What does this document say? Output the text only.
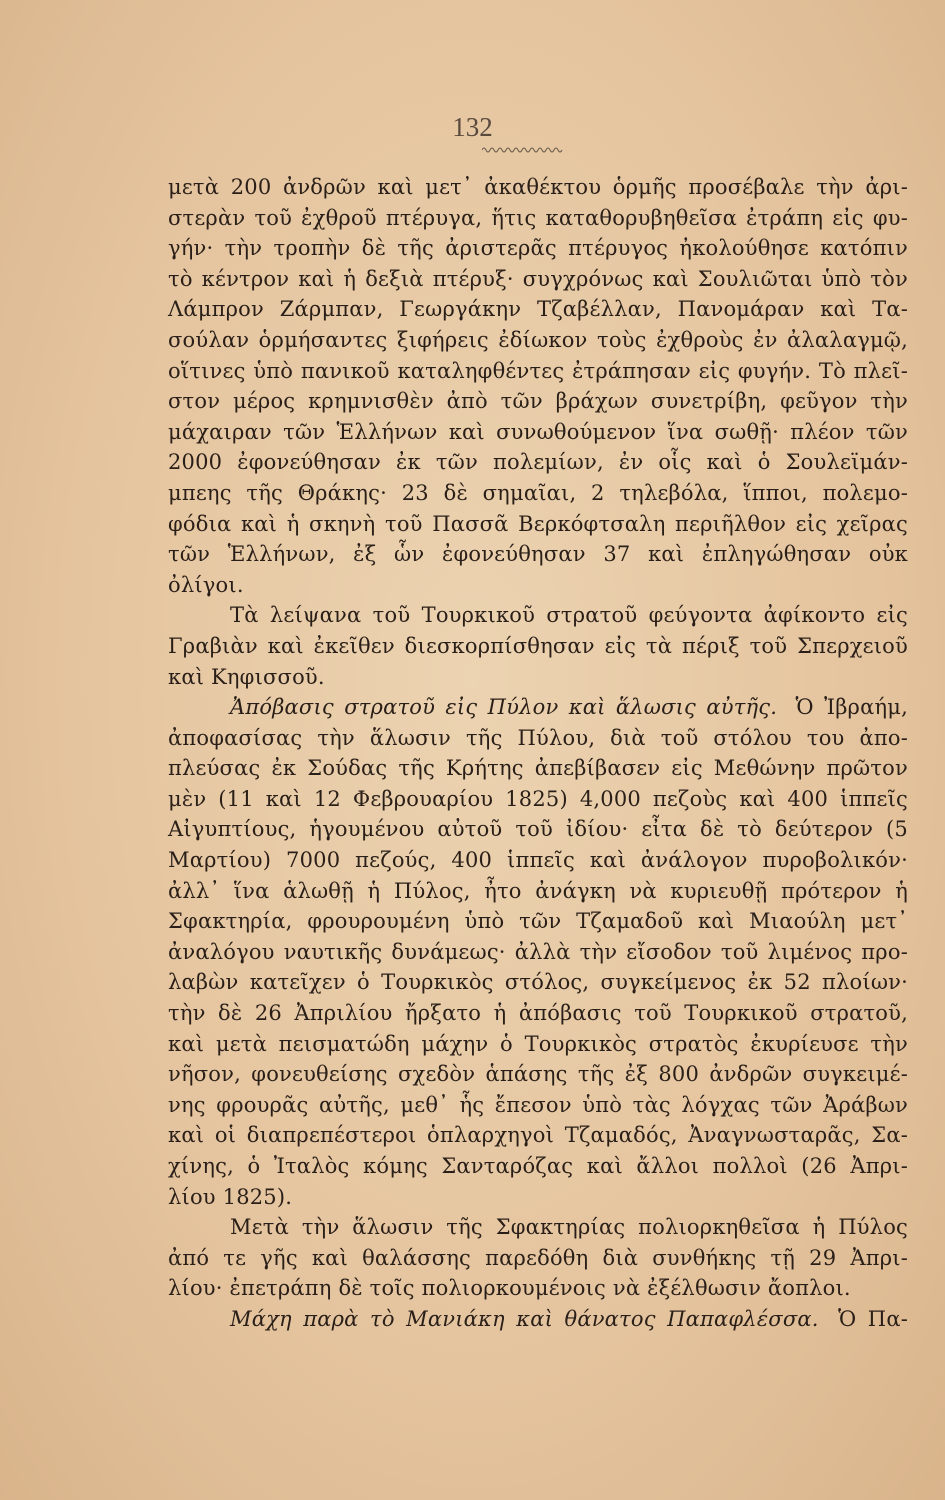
132
μετὰ 200 ἀνδρῶν καὶ μετ᾽ ἀκαθέκτου ὁρμῆς προσέβαλε τὴν ἀρι-
στερὰν τοῦ ἐχθροῦ πτέρυγα, ἥτις καταθορυβηθεῖσα ἐτράπη εἰς φυ-
γήν· τὴν τροπὴν δὲ τῆς ἀριστερᾶς πτέρυγος ἠκολούθησε κατόπιν
τὸ κέντρον καὶ ἡ δεξιὰ πτέρυξ· συγχρόνως καὶ Σουλιῶται ὑπὸ τὸν
Λάμπρον Ζάρμπαν, Γεωργάκην Τζαβέλλαν, Πανομάραν καὶ Τα-
σούλαν ὁρμήσαντες ξιφήρεις ἐδίωκον τοὺς ἐχθροὺς ἐν ἀλαλαγμῷ,
οἵτινες ὑπὸ πανικοῦ καταληφθέντες ἐτράπησαν εἰς φυγήν. Τὸ πλεῖ-
στον μέρος κρημνισθὲν ἀπὸ τῶν βράχων συνετρίβη, φεῦγον τὴν
μάχαιραν τῶν Ἑλλήνων καὶ συνωθούμενον ἵνα σωθῇ· πλέον τῶν
2000 ἐφονεύθησαν ἐκ τῶν πολεμίων, ἐν οἷς καὶ ὁ Σουλεϊμάν-
μπεης τῆς Θράκης· 23 δὲ σημαῖαι, 2 τηλεβόλα, ἵπποι, πολεμο-
φόδια καὶ ἡ σκηνὴ τοῦ Πασσᾶ Βερκόφτσαλη περιῆλθον εἰς χεῖρας
τῶν Ἑλλήνων, ἐξ ὧν ἐφονεύθησαν 37 καὶ ἐπληγώθησαν οὐκ
ὀλίγοι.
Τὰ λείψανα τοῦ Τουρκικοῦ στρατοῦ φεύγοντα ἀφίκοντο εἰς
Γραβιὰν καὶ ἐκεῖθεν διεσκορπίσθησαν εἰς τὰ πέριξ τοῦ Σπερχειοῦ
καὶ Κηφισσοῦ.
Ἀπόβασις στρατοῦ εἰς Πύλον καὶ ἅλωσις αὐτῆς. Ὁ Ἰβραήμ,
ἀποφασίσας τὴν ἅλωσιν τῆς Πύλου, διὰ τοῦ στόλου του ἀπο-
πλεύσας ἐκ Σούδας τῆς Κρήτης ἀπεβίβασεν εἰς Μεθώνην πρῶτον
μὲν (11 καὶ 12 Φεβρουαρίου 1825) 4,000 πεζοὺς καὶ 400 ἱππεῖς
Αἰγυπτίους, ἡγουμένου αὐτοῦ τοῦ ἰδίου· εἶτα δὲ τὸ δεύτερον (5
Μαρτίου) 7000 πεζούς, 400 ἱππεῖς καὶ ἀνάλογον πυροβολικόν·
ἀλλ᾽ ἵνα ἁλωθῇ ἡ Πύλος, ἦτο ἀνάγκη νὰ κυριευθῇ πρότερον ἡ
Σφακτηρία, φρουρουμένη ὑπὸ τῶν Τζαμαδοῦ καὶ Μιαούλη μετ᾽
ἀναλόγου ναυτικῆς δυνάμεως· ἀλλὰ τὴν εἴσοδον τοῦ λιμένος προ-
λαβὼν κατεῖχεν ὁ Τουρκικὸς στόλος, συγκείμενος ἐκ 52 πλοίων·
τὴν δὲ 26 Ἀπριλίου ἤρξατο ἡ ἀπόβασις τοῦ Τουρκικοῦ στρατοῦ,
καὶ μετὰ πεισματώδη μάχην ὁ Τουρκικὸς στρατὸς ἐκυρίευσε τὴν
νῆσον, φονευθείσης σχεδὸν ἁπάσης τῆς ἐξ 800 ἀνδρῶν συγκειμέ-
νης φρουρᾶς αὐτῆς, μεθ᾽ ἧς ἔπεσον ὑπὸ τὰς λόγχας τῶν Ἀράβων
καὶ οἱ διαπρεπέστεροι ὁπλαρχηγοὶ Τζαμαδός, Ἀναγνωσταρᾶς, Σα-
χίνης, ὁ Ἰταλὸς κόμης Σανταρόζας καὶ ἄλλοι πολλοὶ (26 Ἀπρι-
λίου 1825).
Μετὰ τὴν ἅλωσιν τῆς Σφακτηρίας πολιορκηθεῖσα ἡ Πύλος
ἀπό τε γῆς καὶ θαλάσσης παρεδόθη διὰ συνθήκης τῇ 29 Ἀπρι-
λίου· ἐπετράπη δὲ τοῖς πολιορκουμένοις νὰ ἐξέλθωσιν ἄοπλοι.
Μάχη παρὰ τὸ Μανιάκη καὶ θάνατος Παπαφλέσσα. Ὁ Πα-
